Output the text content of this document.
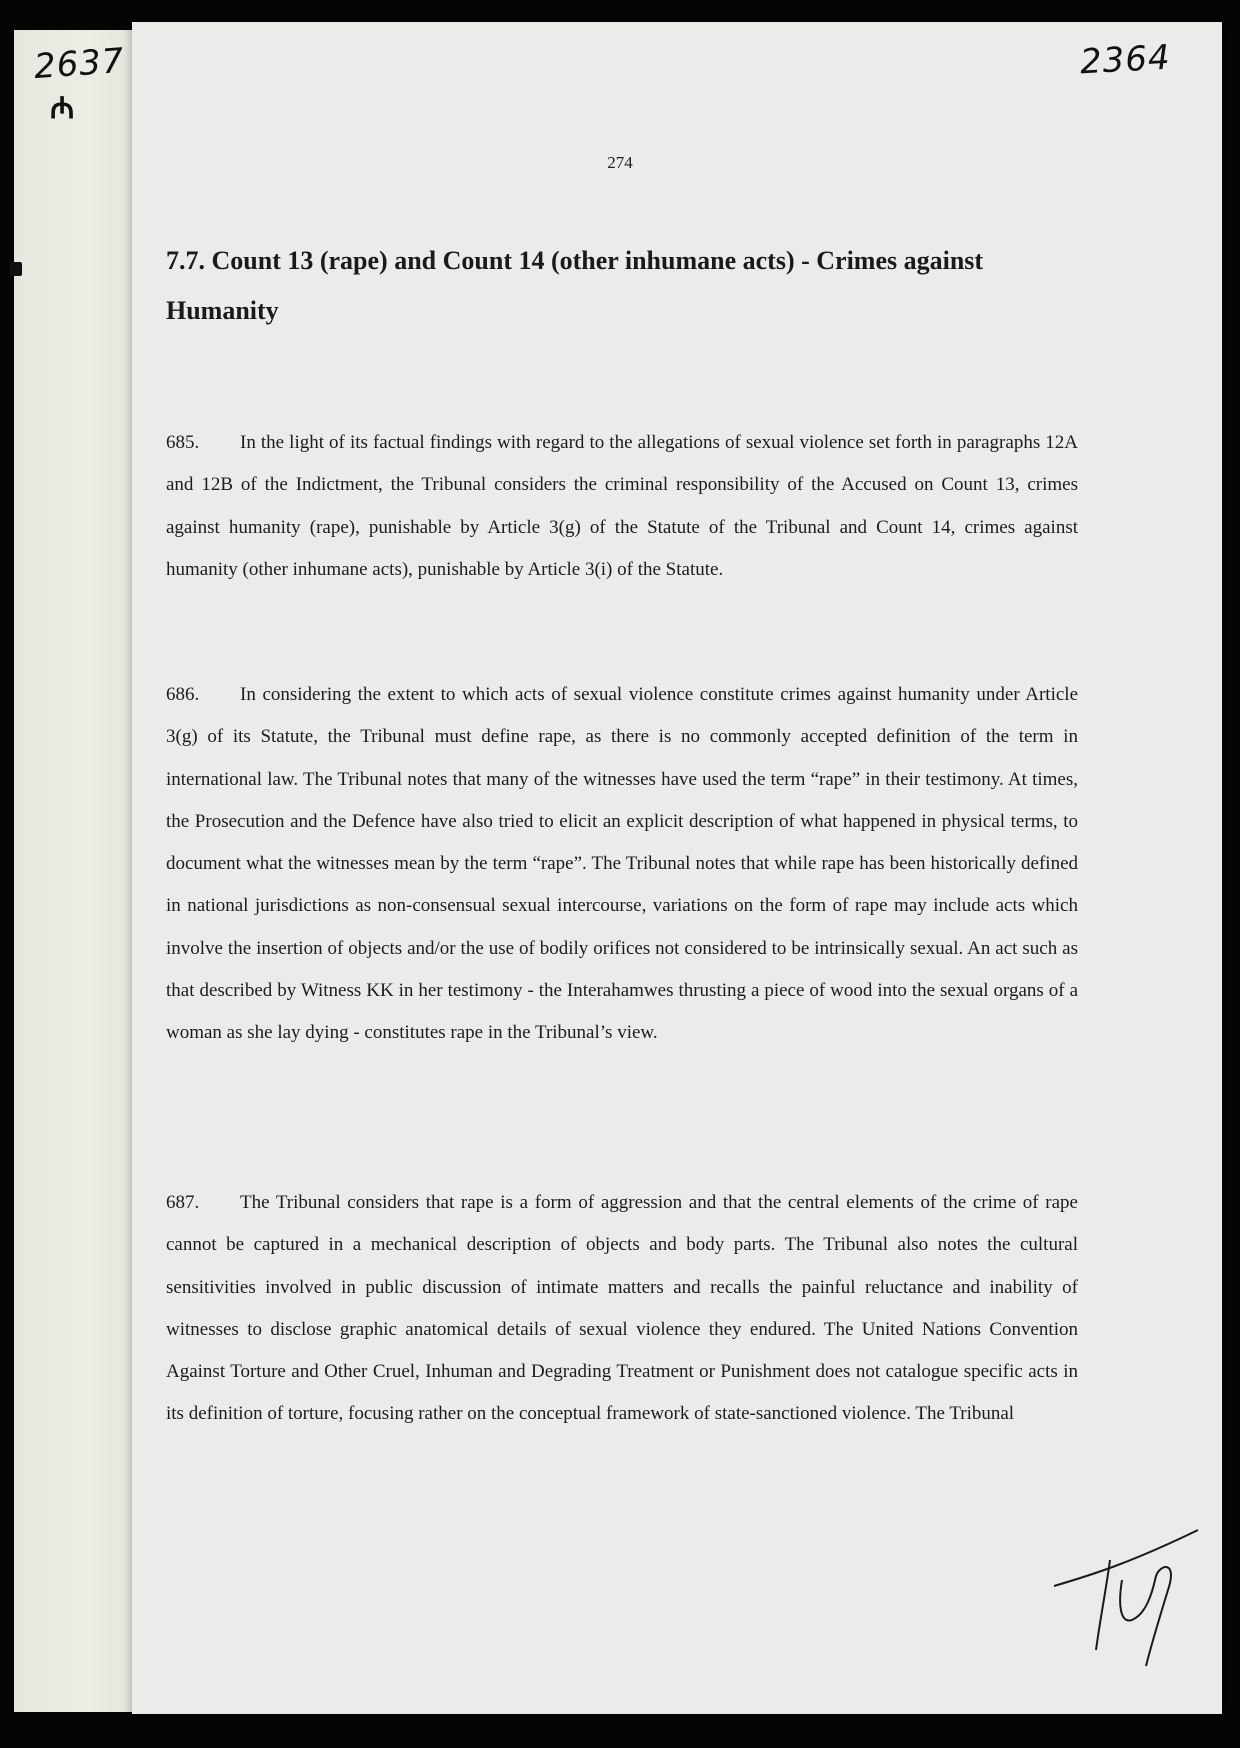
2637
₼
2364
274
7.7. Count 13 (rape) and Count 14 (other inhumane acts) - Crimes against Humanity

685. In the light of its factual findings with regard to the allegations of sexual violence set forth in paragraphs 12A and 12B of the Indictment, the Tribunal considers the criminal responsibility of the Accused on Count 13, crimes against humanity (rape), punishable by Article 3(g) of the Statute of the Tribunal and Count 14, crimes against humanity (other inhumane acts), punishable by Article 3(i) of the Statute.

686. In considering the extent to which acts of sexual violence constitute crimes against humanity under Article 3(g) of its Statute, the Tribunal must define rape, as there is no commonly accepted definition of the term in international law. The Tribunal notes that many of the witnesses have used the term “rape” in their testimony. At times, the Prosecution and the Defence have also tried to elicit an explicit description of what happened in physical terms, to document what the witnesses mean by the term “rape”. The Tribunal notes that while rape has been historically defined in national jurisdictions as non-consensual sexual intercourse, variations on the form of rape may include acts which involve the insertion of objects and/or the use of bodily orifices not considered to be intrinsically sexual. An act such as that described by Witness KK in her testimony - the Interahamwes thrusting a piece of wood into the sexual organs of a woman as she lay dying - constitutes rape in the Tribunal’s view.

687. The Tribunal considers that rape is a form of aggression and that the central elements of the crime of rape cannot be captured in a mechanical description of objects and body parts. The Tribunal also notes the cultural sensitivities involved in public discussion of intimate matters and recalls the painful reluctance and inability of witnesses to disclose graphic anatomical details of sexual violence they endured. The United Nations Convention Against Torture and Other Cruel, Inhuman and Degrading Treatment or Punishment does not catalogue specific acts in its definition of torture, focusing rather on the conceptual framework of state-sanctioned violence. The Tribunal
